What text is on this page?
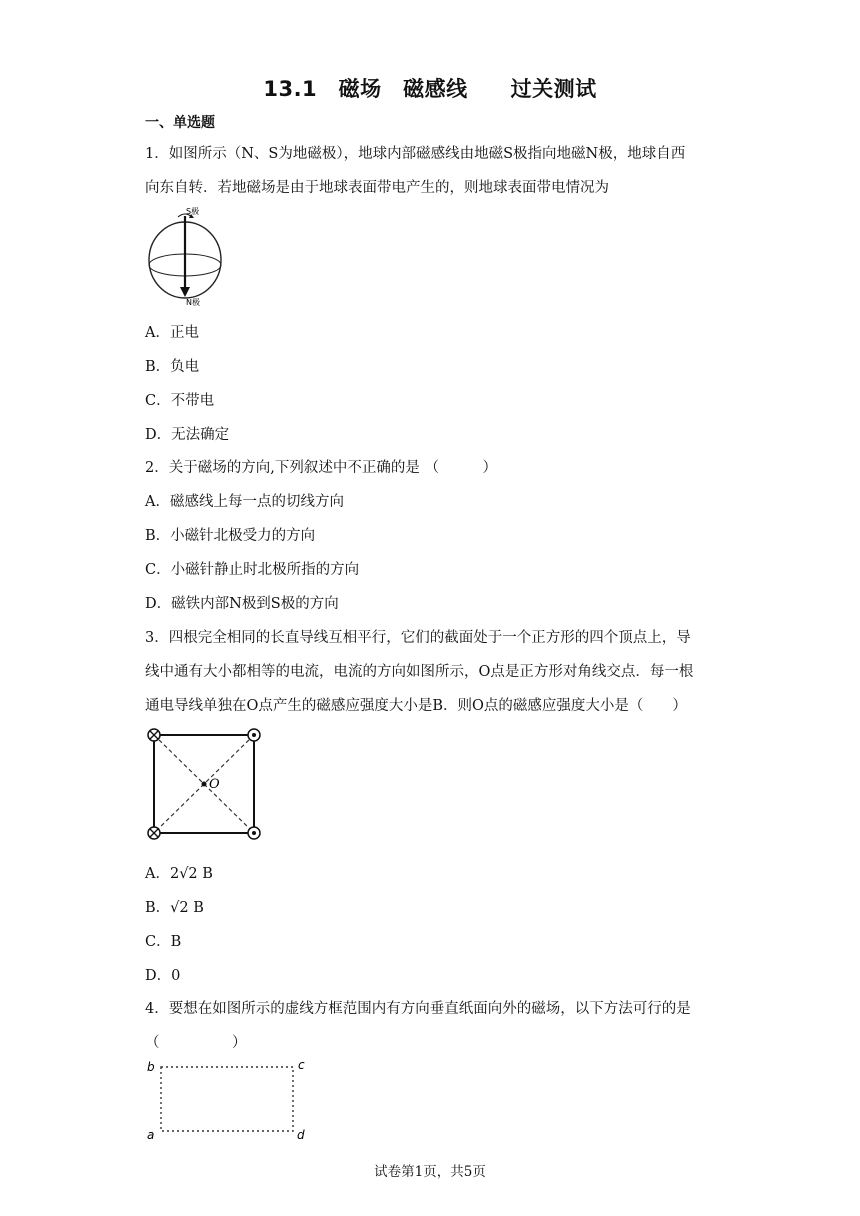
13.1　磁场　磁感线　　过关测试
一、单选题
1．如图所示（N、S为地磁极），地球内部磁感线由地磁S极指向地磁N极，地球自西
向东自转．若地磁场是由于地球表面带电产生的，则地球表面带电情况为
S极
N极
A．正电
B．负电
C．不带电
D．无法确定
2．关于磁场的方向,下列叙述中不正确的是 （　　　）
A．磁感线上每一点的切线方向
B．小磁针北极受力的方向
C．小磁针静止时北极所指的方向
D．磁铁内部N极到S极的方向
3．四根完全相同的长直导线互相平行，它们的截面处于一个正方形的四个顶点上，导
线中通有大小都相等的电流，电流的方向如图所示，O点是正方形对角线交点．每一根
通电导线单独在O点产生的磁感应强度大小是B．则O点的磁感应强度大小是（　　）
O
A．2√2 B
B．√2 B
C．B
D．0
4．要想在如图所示的虚线方框范围内有方向垂直纸面向外的磁场，以下方法可行的是
（　　　　　）
b	c
a	d
试卷第1页，共5页
